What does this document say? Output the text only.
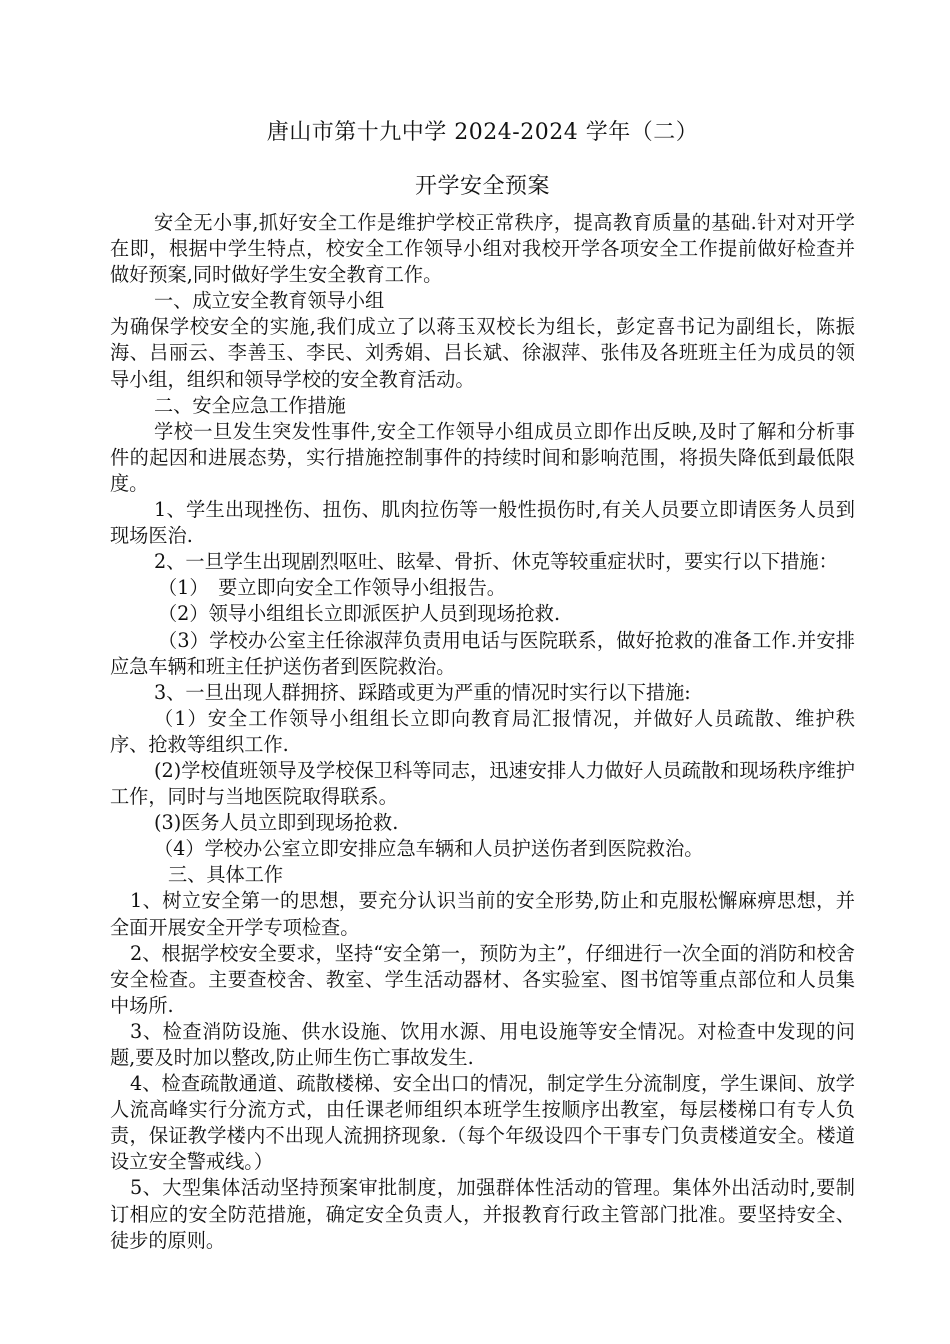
唐山市第十九中学 2024-2024 学年（二）
开学安全预案

安全无小事,抓好安全工作是维护学校正常秩序，提高教育质量的基础.针对对开学在即，根据中学生特点，校安全工作领导小组对我校开学各项安全工作提前做好检查并做好预案,同时做好学生安全教育工作。

一、成立安全教育领导小组

为确保学校安全的实施,我们成立了以蒋玉双校长为组长，彭定喜书记为副组长，陈振海、吕丽云、李善玉、李民、刘秀娟、吕长斌、徐淑萍、张伟及各班班主任为成员的领导小组，组织和领导学校的安全教育活动。

二、安全应急工作措施

学校一旦发生突发性事件,安全工作领导小组成员立即作出反映,及时了解和分析事件的起因和进展态势，实行措施控制事件的持续时间和影响范围，将损失降低到最低限度。

1、学生出现挫伤、扭伤、肌肉拉伤等一般性损伤时,有关人员要立即请医务人员到现场医治.

2、一旦学生出现剧烈呕吐、眩晕、骨折、休克等较重症状时，要实行以下措施：

（1）　要立即向安全工作领导小组报告。

（2）领导小组组长立即派医护人员到现场抢救.

（3）学校办公室主任徐淑萍负责用电话与医院联系，做好抢救的准备工作.并安排应急车辆和班主任护送伤者到医院救治。

3、一旦出现人群拥挤、踩踏或更为严重的情况时实行以下措施:

（1）安全工作领导小组组长立即向教育局汇报情况，并做好人员疏散、维护秩序、抢救等组织工作.

(2)学校值班领导及学校保卫科等同志，迅速安排人力做好人员疏散和现场秩序维护工作，同时与当地医院取得联系。

(3)医务人员立即到现场抢救.

（4）学校办公室立即安排应急车辆和人员护送伤者到医院救治。

三、具体工作

1、树立安全第一的思想，要充分认识当前的安全形势,防止和克服松懈麻痹思想，并全面开展安全开学专项检查。

2、根据学校安全要求，坚持“安全第一，预防为主”，仔细进行一次全面的消防和校舍安全检查。主要查校舍、教室、学生活动器材、各实验室、图书馆等重点部位和人员集中场所.

3、检查消防设施、供水设施、饮用水源、用电设施等安全情况。对检查中发现的问题,要及时加以整改,防止师生伤亡事故发生.

4、检查疏散通道、疏散楼梯、安全出口的情况，制定学生分流制度，学生课间、放学人流高峰实行分流方式，由任课老师组织本班学生按顺序出教室，每层楼梯口有专人负责，保证教学楼内不出现人流拥挤现象.（每个年级设四个干事专门负责楼道安全。楼道设立安全警戒线。）

5、大型集体活动坚持预案审批制度，加强群体性活动的管理。集体外出活动时,要制订相应的安全防范措施，确定安全负责人，并报教育行政主管部门批准。要坚持安全、徒步的原则。
